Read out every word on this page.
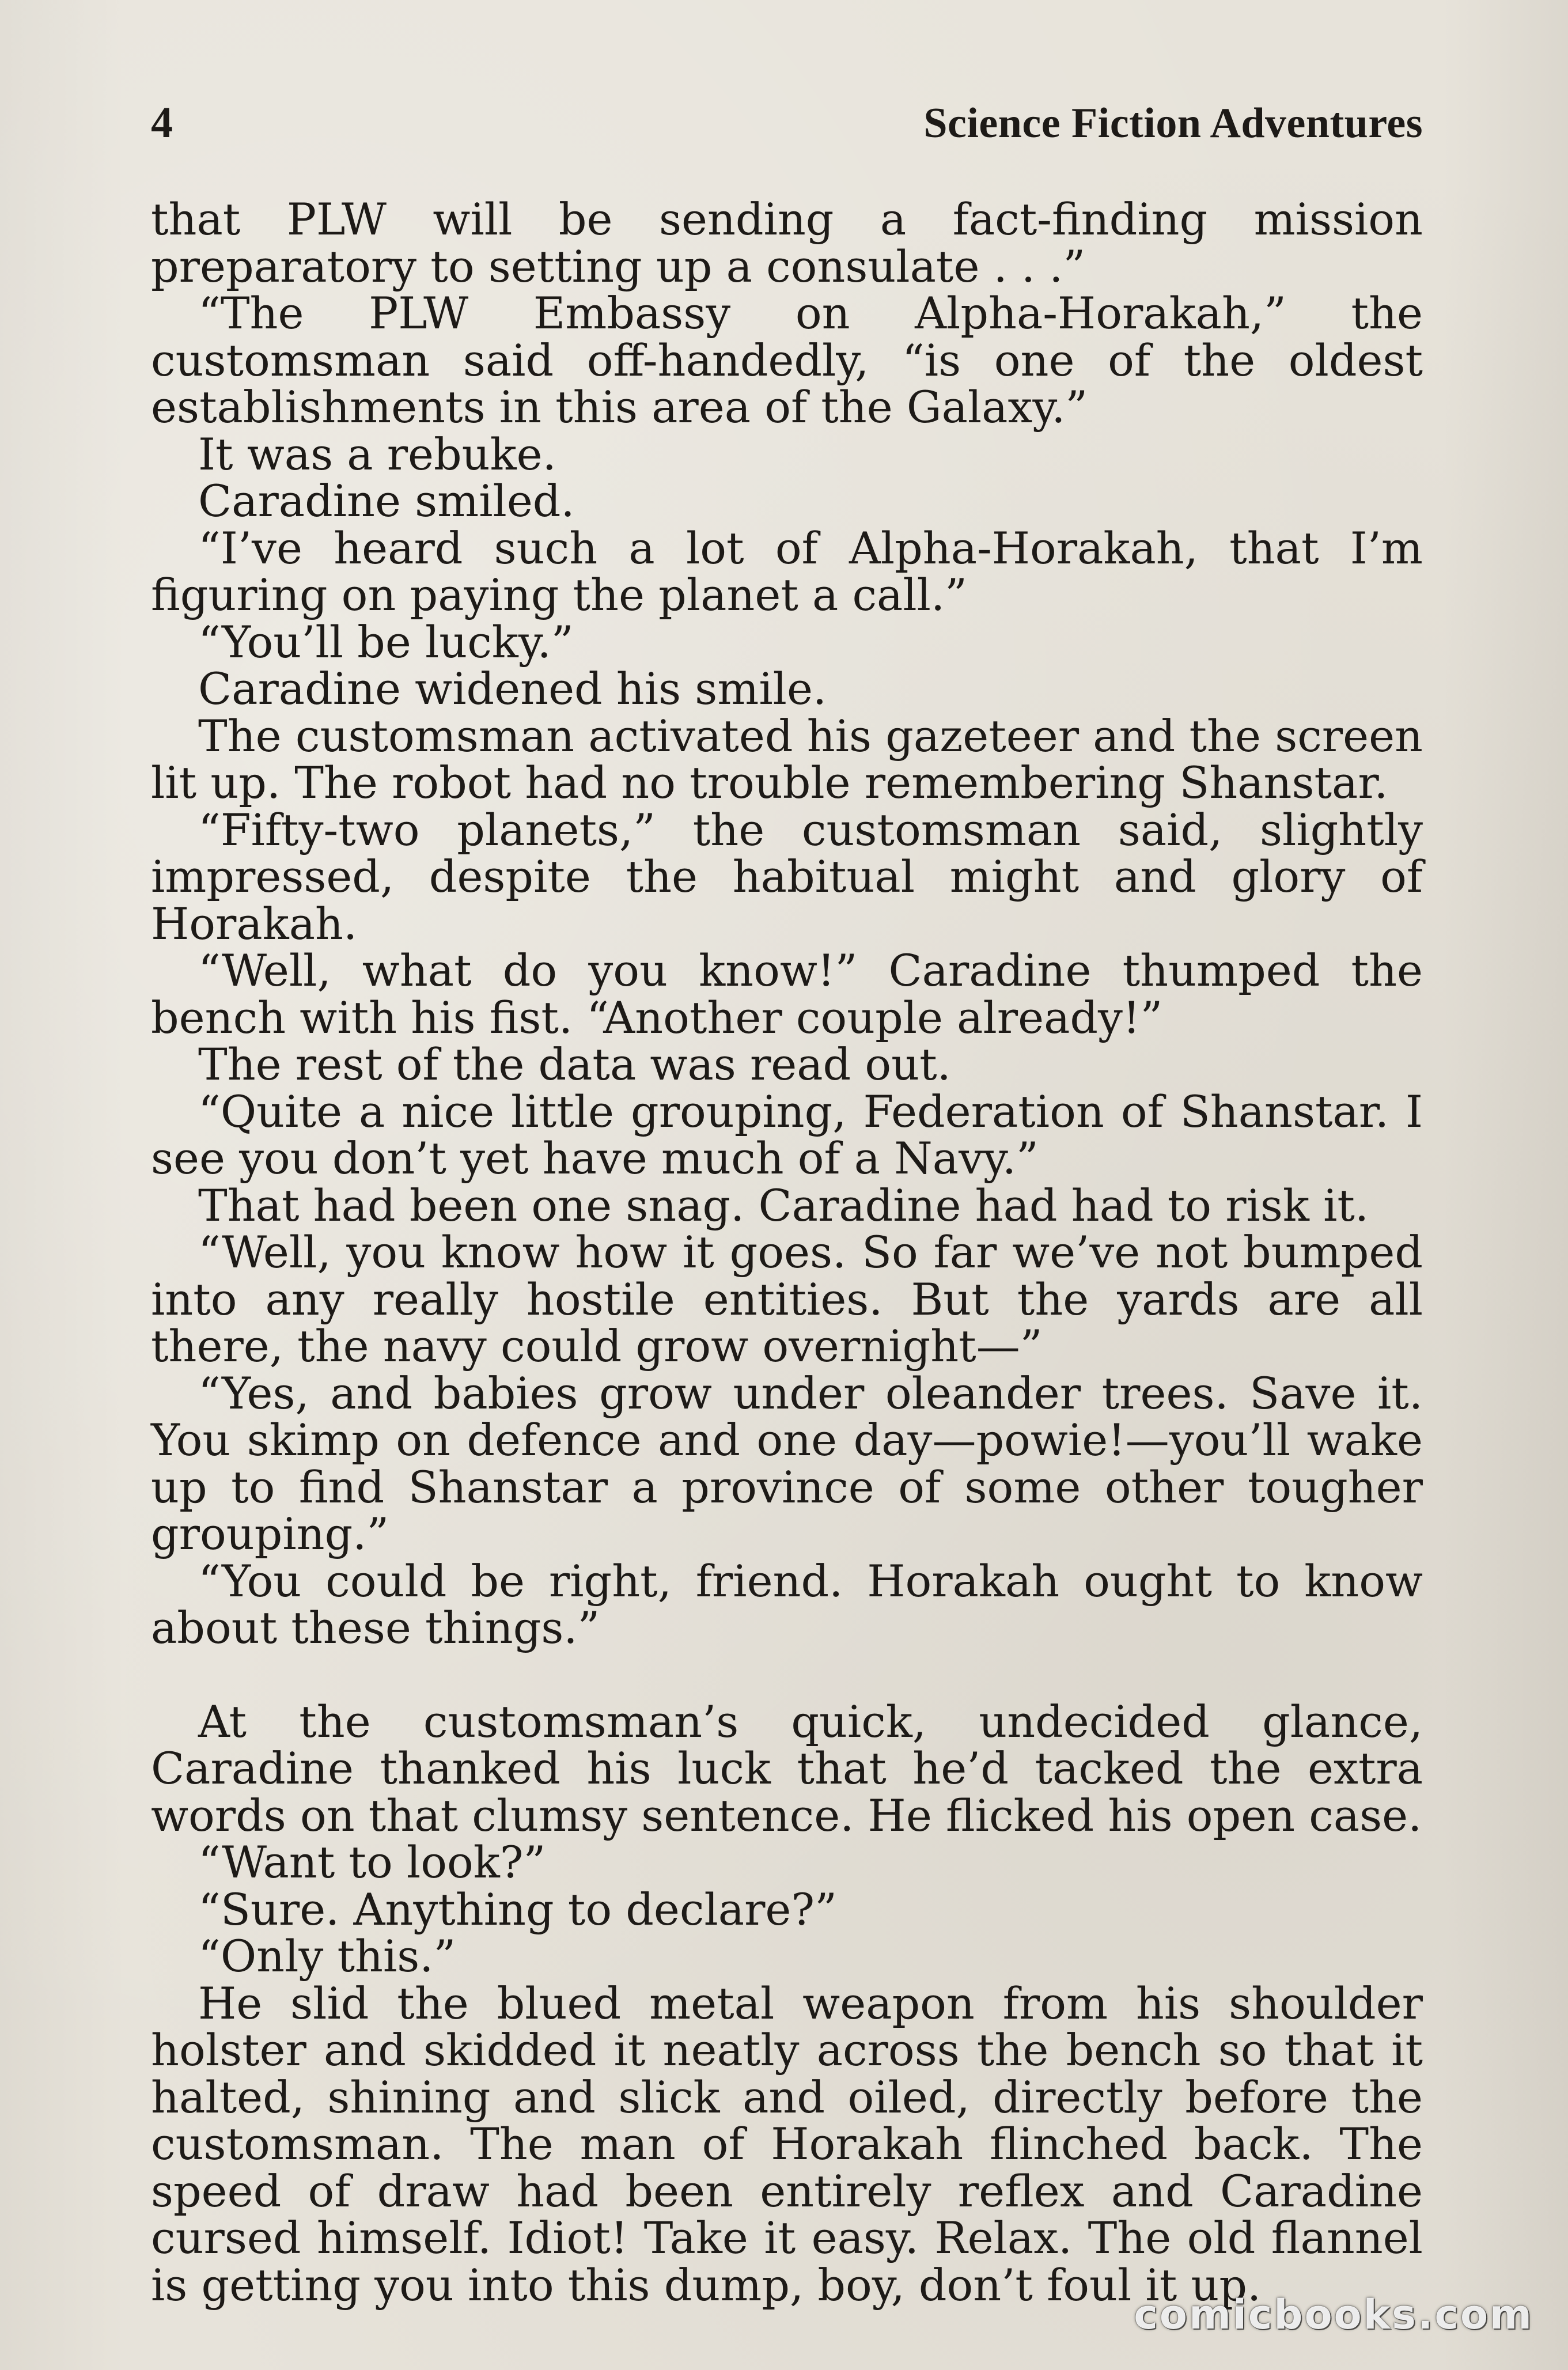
4	Science Fiction Adventures

that PLW will be sending a fact-finding mission preparatory to setting up a consulate . . .”

“The PLW Embassy on Alpha-Horakah,” the customsman said off-handedly, “is one of the oldest establishments in this area of the Galaxy.”

It was a rebuke.

Caradine smiled.

“I’ve heard such a lot of Alpha-Horakah, that I’m figuring on paying the planet a call.”

“You’ll be lucky.”

Caradine widened his smile.

The customsman activated his gazeteer and the screen lit up. The robot had no trouble remembering Shanstar.

“Fifty-two planets,” the customsman said, slightly impressed, despite the habitual might and glory of Horakah.

“Well, what do you know!” Caradine thumped the bench with his fist. “Another couple already!”

The rest of the data was read out.

“Quite a nice little grouping, Federation of Shanstar. I see you don’t yet have much of a Navy.”

That had been one snag. Caradine had had to risk it.

“Well, you know how it goes. So far we’ve not bumped into any really hostile entities. But the yards are all there, the navy could grow overnight—”

“Yes, and babies grow under oleander trees. Save it. You skimp on defence and one day—powie!—you’ll wake up to find Shanstar a province of some other tougher grouping.”

“You could be right, friend. Horakah ought to know about these things.”

At the customsman’s quick, undecided glance, Caradine thanked his luck that he’d tacked the extra words on that clumsy sentence. He flicked his open case.

“Want to look?”

“Sure. Anything to declare?”

“Only this.”

He slid the blued metal weapon from his shoulder holster and skidded it neatly across the bench so that it halted, shining and slick and oiled, directly before the customsman. The man of Horakah flinched back. The speed of draw had been entirely reflex and Caradine cursed himself. Idiot! Take it easy. Relax. The old flannel is getting you into this dump, boy, don’t foul it up.

comicbooks.com
